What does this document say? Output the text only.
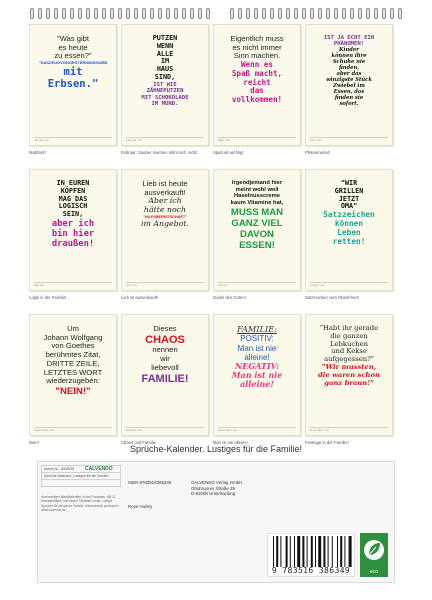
"Was gibt
es heute
zu essen?"
"DASZEUGVONGESTERNMISSWEB
mit
Erbsen."
Januar xxx
Mahlzeit!
PUTZEN
WENN
ALLE
IM
HAUS
SIND,
IST WIE
ZÄHNEPUTZEN
MIT SCHOKOLADE
IM MUND.
Februar xxx
Februar: Sauber machen lohnt sich nicht!
Eigentlich muss
es nicht immer
Sinn machen.
Wenn es
Spaß macht,
reicht
das
vollkommen!
März xxx
Spaß ist wichtig!
IST JA ECHT EIN
PHÄNOMEN!
Kinder
können ihre
Schuhe nie
finden,
aber das
winzigste Stück
Zwiebel im
Essen, das
finden sie
sofort.
April xxx
Phänomenal!
IN EUREN
KÖPFEN
MAG DAS
LOGISCH
SEIN,
aber ich
bin hier
draußen!
Mai xxx
Logik in der Familie!
Lieb ist heute
ausverkauft!
Aber ich
hätte noch
"HILFSBEREITSCHAFT"
im Angebot.
Juni xxx
Lieb ist ausverkauft!
Irgendjemand hier
meint wohl weil
Haselnusscreme
kaum Vitamine hat,
MUSS MAN
GANZ VIEL
DAVON
ESSEN!
Juli xxx
Zuviel des Guten!
"WIR
GRILLEN
JETZT
OMA"
Satzzeichen
können
Leben
retten!
August xxx
Satzzeichen vom Oberlehrer!
Um
Johann Wolfgang
von Goethes
berühmtes Zitat,
DRITTE ZEILE,
LETZTES WORT
wiederzugeben:
"NEIN!"
September xxx
Nein!
Dieses
CHAOS
nennen
wir
liebevoll
FAMILIE!
Oktober xxx
Chaos und Familie
FAMILIE:
POSITIV:
Man ist nie
alleine!
NEGATIV:
Man ist nie
alleine!
November xxx
Man ist nie alleine!
"Habt ihr gerade
die ganzen
Lebkuchen
und Kekse
aufgegessen?"
"Wir mussten,
die waren schon
ganz braun!"
Dezember xxx
Festtage in der Familie!
Sprüche-Kalender. Lustiges für die Familie!
Artikel-Nr.: 3004938
Sprüche-Kalender. Lustiges für die Familie!

CALVENDO
Hochwertiger Wandkalender in drei Formaten. Mit 12 Monatsblättern und einem Titelblatt. Inhalt: Lustige Sprüche für die ganze Familie. Klimaneutral produziert. www.calvendo.de
ISBN 9783516386349
Rose Hurley
CALVENDO Verlag GmbH
Ottobrunner Straße 39
D-82008 Unterhaching
9 783516 386349	eco
